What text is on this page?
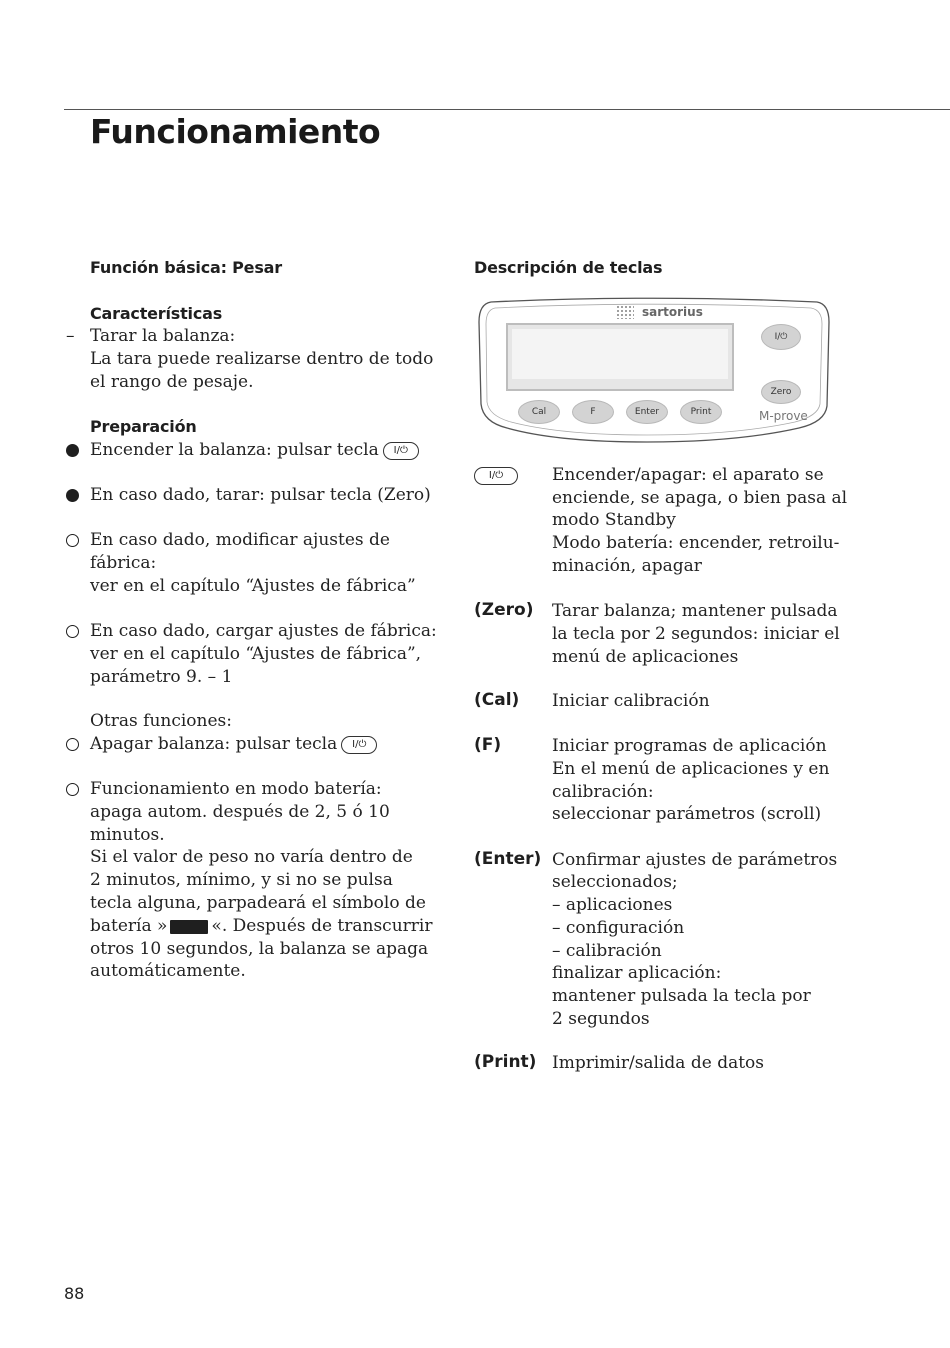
Funcionamiento
Función básica: Pesar
Características
– Tarar la balanza:
La tara puede realizarse dentro de todo
el rango de pesaje.
Preparación
Encender la balanza: pulsar tecla I/⏻
En caso dado, tarar: pulsar tecla (Zero)
En caso dado, modificar ajustes de
fábrica:
ver en el capítulo “Ajustes de fábrica”
En caso dado, cargar ajustes de fábrica:
ver en el capítulo “Ajustes de fábrica”,
parámetro 9. – 1
Otras funciones:
Apagar balanza: pulsar tecla I/⏻
Funcionamiento en modo batería:
apaga autom. después de 2, 5 ó 10
minutos.
Si el valor de peso no varía dentro de
2 minutos, mínimo, y si no se pulsa
tecla alguna, parpadeará el símbolo de
batería »	«. Después de transcurrir
otros 10 segundos, la balanza se apaga
automáticamente.
Descripción de teclas
sartorius
I/⏻
Zero
Cal	F	Enter	Print	M-prove
I/⏻	Encender/apagar: el aparato se
enciende, se apaga, o bien pasa al
modo Standby
Modo batería: encender, retroilu-
minación, apagar
(Zero) Tarar balanza; mantener pulsada
la tecla por 2 segundos: iniciar el
menú de aplicaciones
(Cal) Iniciar calibración
(F)	Iniciar programas de aplicación
En el menú de aplicaciones y en
calibración:
seleccionar parámetros (scroll)
(Enter) Confirmar ajustes de parámetros
seleccionados;
– aplicaciones
– configuración
– calibración
finalizar aplicación:
mantener pulsada la tecla por
2 segundos
(Print) Imprimir/salida de datos
88
